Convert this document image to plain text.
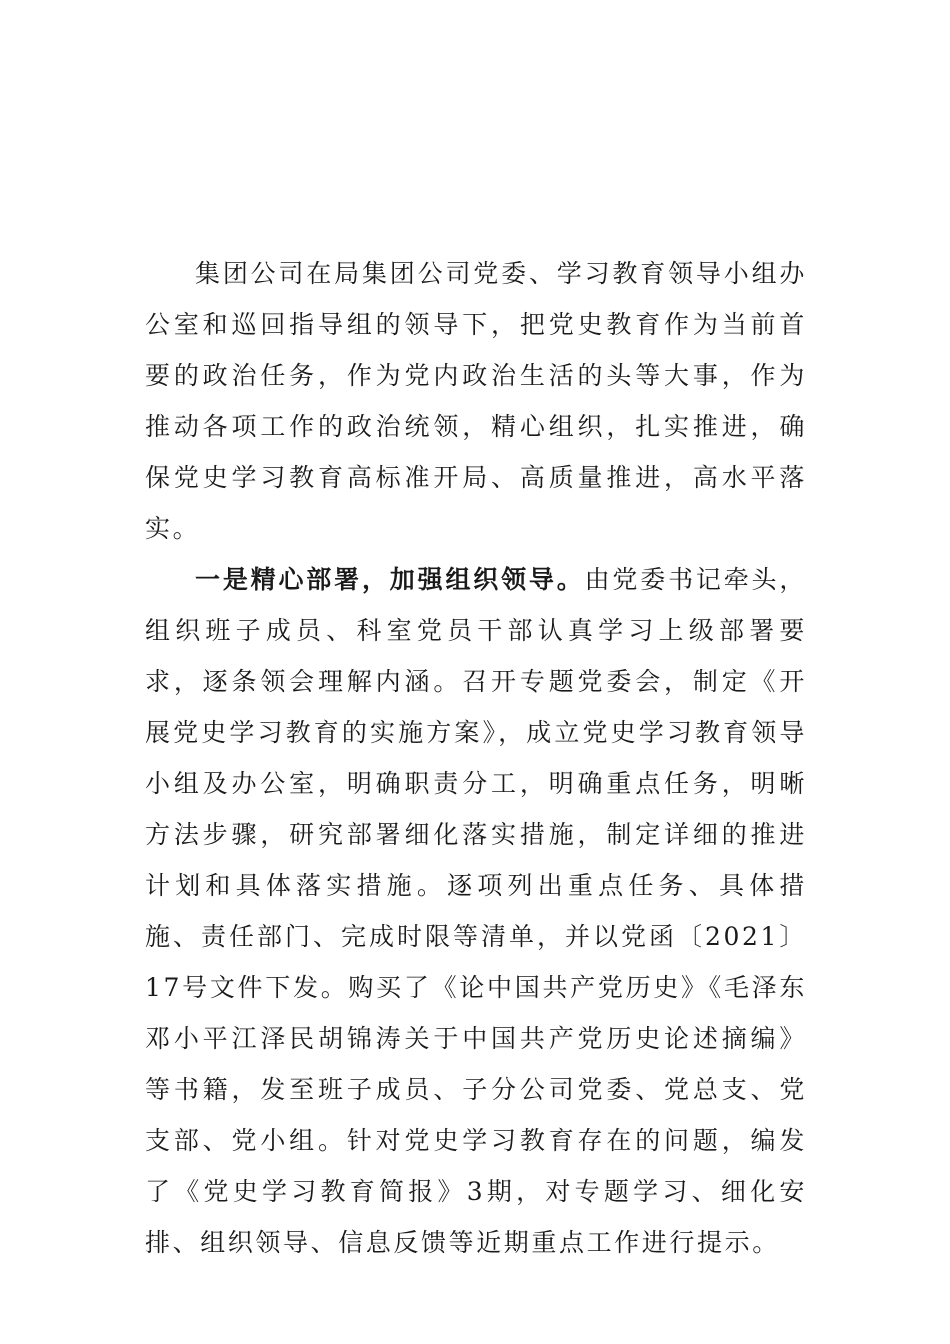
集团公司在局集团公司党委、学习教育领导小组办公室和巡回指导组的领导下，把党史教育作为当前首要的政治任务，作为党内政治生活的头等大事，作为推动各项工作的政治统领，精心组织，扎实推进，确保党史学习教育高标准开局、高质量推进，高水平落实。

一是精心部署，加强组织领导。由党委书记牵头，组织班子成员、科室党员干部认真学习上级部署要求，逐条领会理解内涵。召开专题党委会，制定《开展党史学习教育的实施方案》，成立党史学习教育领导小组及办公室，明确职责分工，明确重点任务，明晰方法步骤，研究部署细化落实措施，制定详细的推进计划和具体落实措施。逐项列出重点任务、具体措施、责任部门、完成时限等清单，并以党函〔2021〕17号文件下发。购买了《论中国共产党历史》《毛泽东邓小平江泽民胡锦涛关于中国共产党历史论述摘编》等书籍，发至班子成员、子分公司党委、党总支、党支部、党小组。针对党史学习教育存在的问题，编发了《党史学习教育简报》3期，对专题学习、细化安排、组织领导、信息反馈等近期重点工作进行提示。
